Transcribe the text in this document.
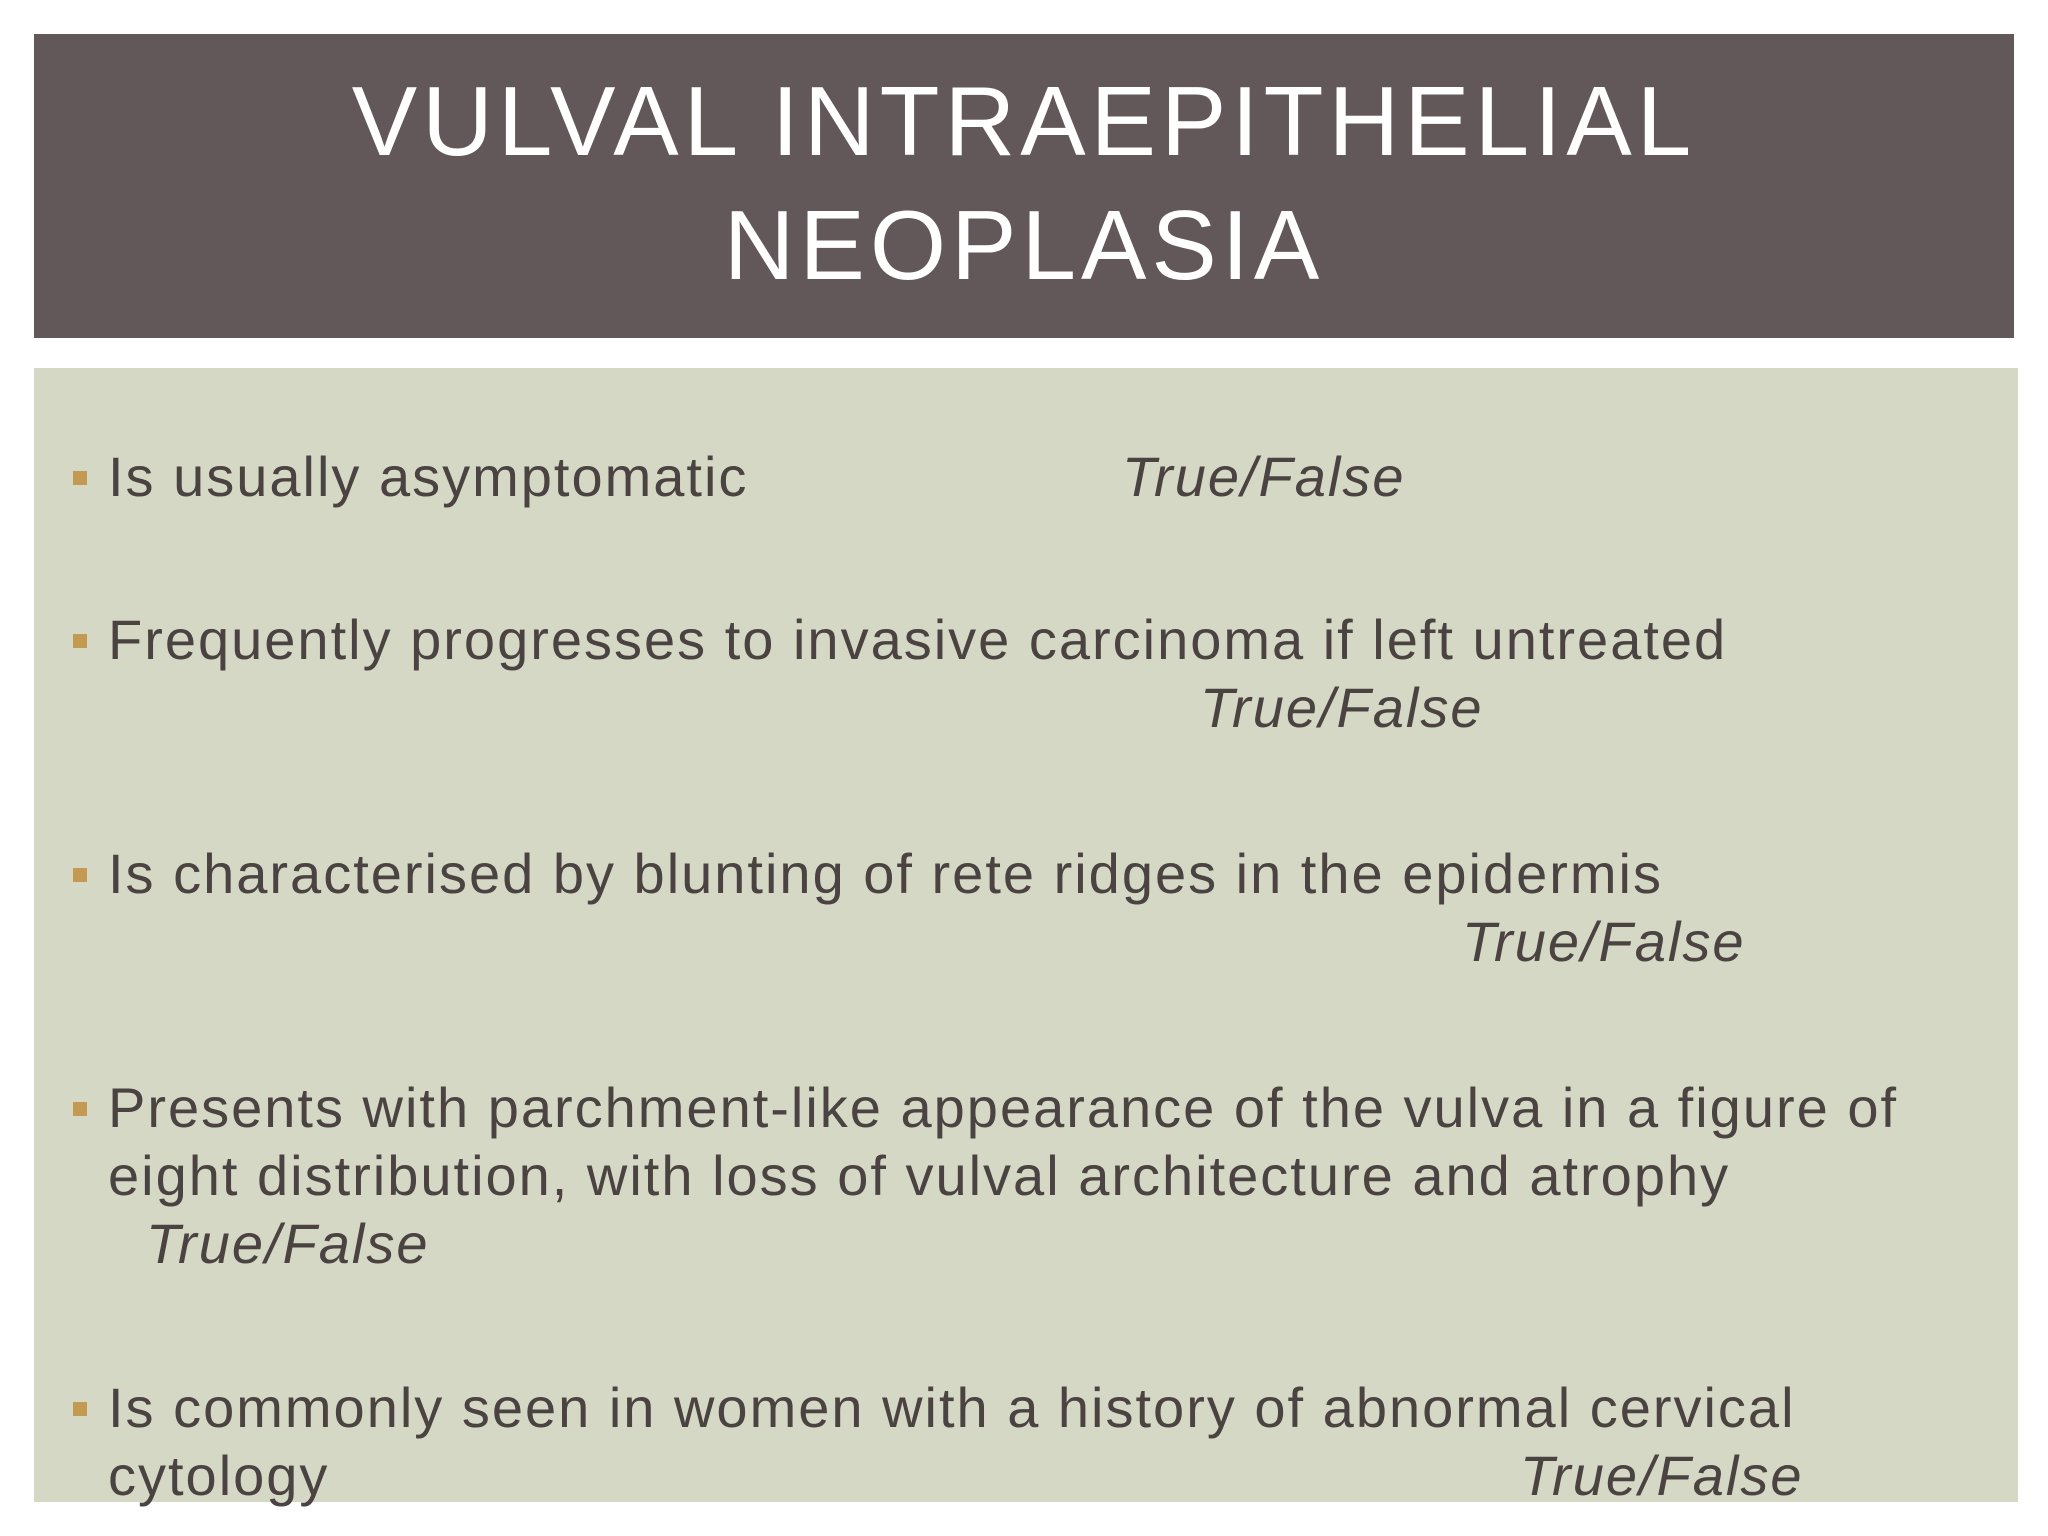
VULVAL INTRAEPITHELIAL
NEOPLASIA
Is usually asymptomatic	True/False
Frequently progresses to invasive carcinoma if left untreated
True/False
Is characterised by blunting of rete ridges in the epidermis
True/False
Presents with parchment-like appearance of the vulva in a figure of
eight distribution, with loss of vulval architecture and atrophy
True/False
Is commonly seen in women with a history of abnormal cervical
cytology	True/False
